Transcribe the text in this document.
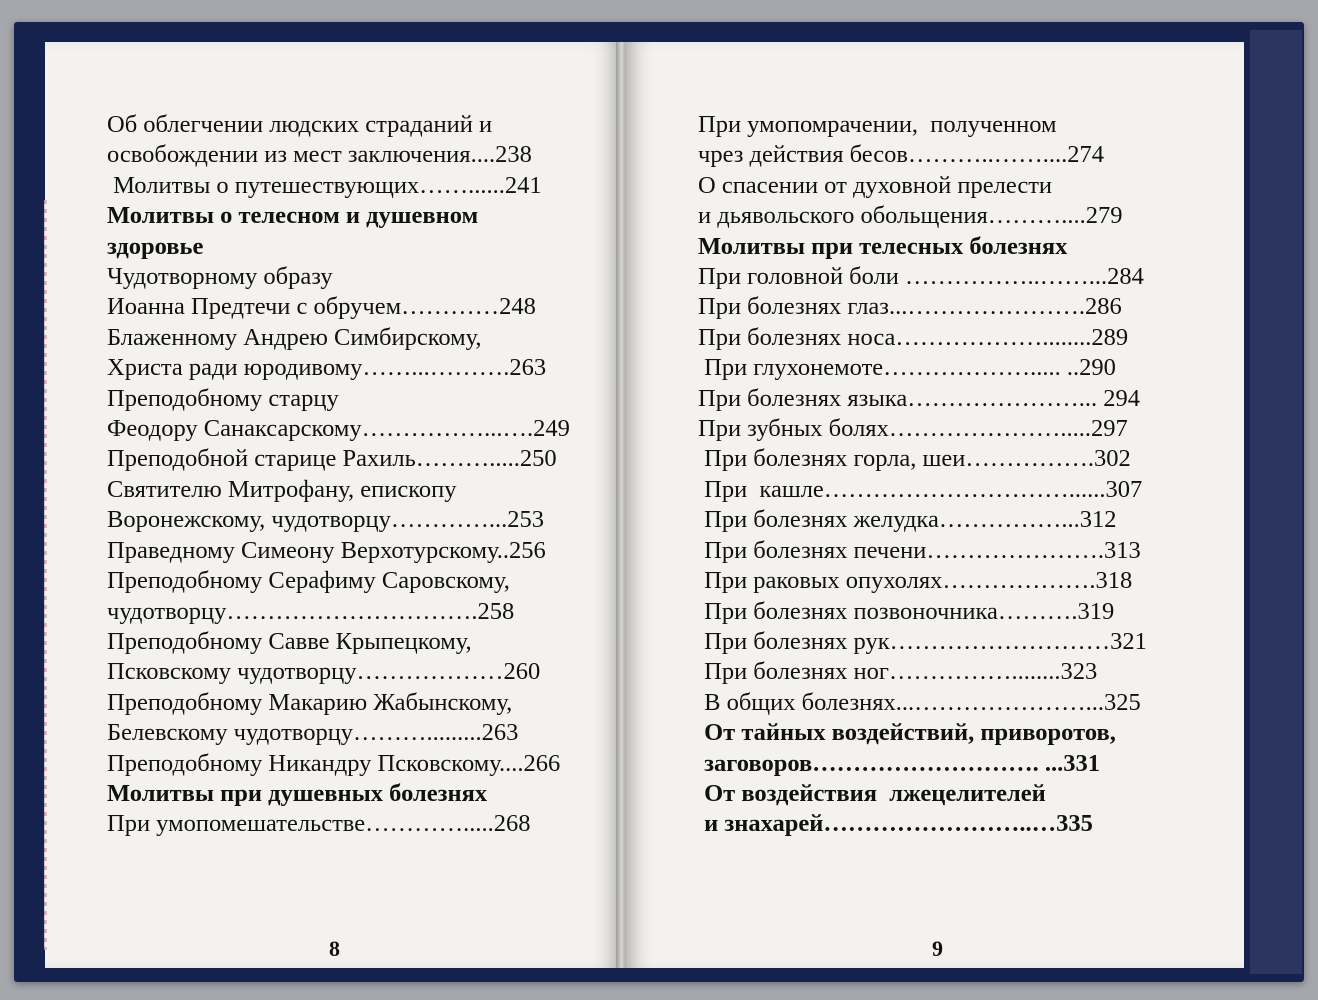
Об облегчении людских страданий и
освобождении из мест заключения....238
Молитвы о путешествующих……......241
Молитвы о телесном и душевном
здоровье
Чудотворному образу
Иоанна Предтечи с обручем…………248
Блаженному Андрею Симбирскому,
Христа ради юродивому……...……….263
Преподобному старцу
Феодору Санаксарскому……………...….249
Преподобной старице Рахиль……….....250
Святителю Митрофану, епископу
Воронежскому, чудотворцу…………...253
Праведному Симеону Верхотурскому..256
Преподобному Серафиму Саровскому,
чудотворцу………………………….258
Преподобному Савве Крыпецкому,
Псковскому чудотворцу………………260
Преподобному Макарию Жабынскому,
Белевскому чудотворцу……….........263
Преподобному Никандру Псковскому....266
Молитвы при душевных болезнях
При умопомешательстве………….....268
8
При умопомрачении,  полученном
чрез действия бесов………..……....274
О спасении от духовной прелести
и дьявольского обольщения………....279
Молитвы при телесных болезнях
При головной боли ……………..……...284
При болезнях глаз...………………….286
При болезнях носа………………........289
При глухонемоте………………..... ..290
При болезнях языка…………………... 294
При зубных болях………………….....297
При болезнях горла, шеи…………….302
При  кашле…………………………......307
При болезнях желудка……………...312
При болезнях печени………………….313
При раковых опухолях……………….318
При болезнях позвоночника……….319
При болезнях рук………………………321
При болезнях ног……………........323
В общих болезнях...…………………...325
От тайных воздействий, приворотов,
заговоров………………………. ...331
От воздействия  лжецелителей
и знахарей……………………..…335
9
